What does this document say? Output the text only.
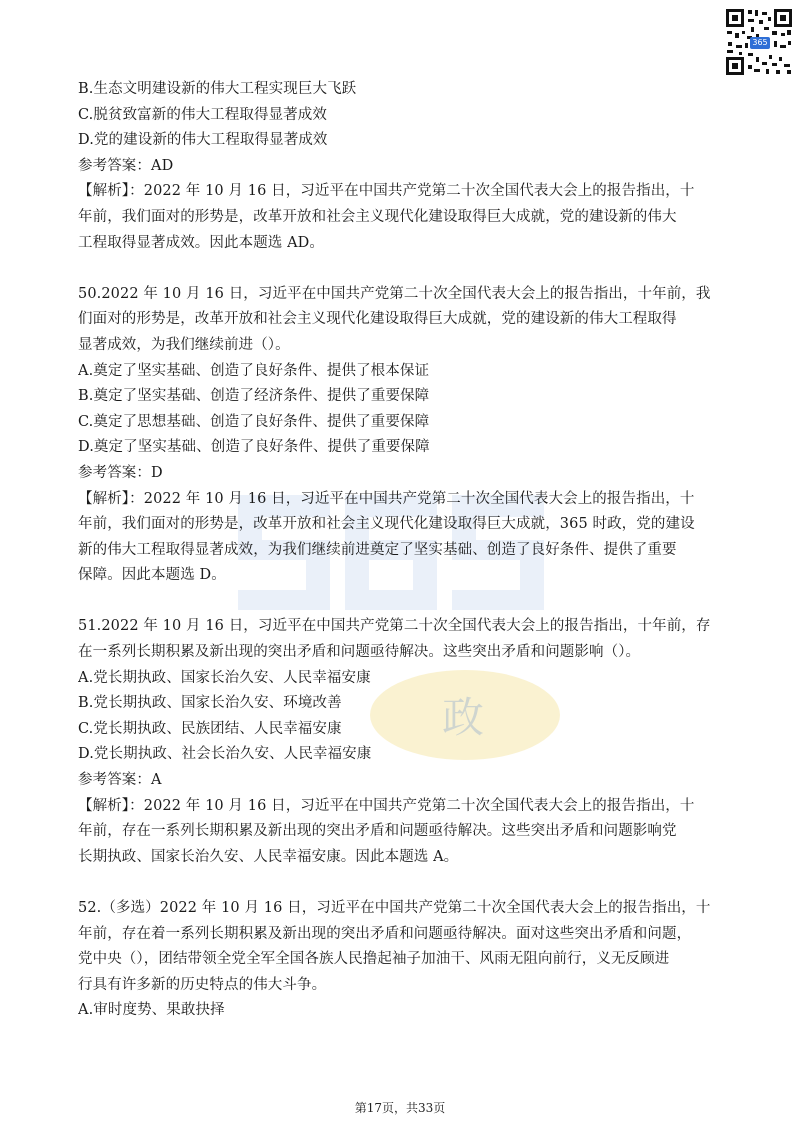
政
365
B.生态文明建设新的伟大工程实现巨大飞跃
C.脱贫致富新的伟大工程取得显著成效
D.党的建设新的伟大工程取得显著成效
参考答案：AD
【解析】：2022 年 10 月 16 日，习近平在中国共产党第二十次全国代表大会上的报告指出，十
年前，我们面对的形势是，改革开放和社会主义现代化建设取得巨大成就，党的建设新的伟大
工程取得显著成效。因此本题选 AD。
50.2022 年 10 月 16 日，习近平在中国共产党第二十次全国代表大会上的报告指出，十年前，我
们面对的形势是，改革开放和社会主义现代化建设取得巨大成就，党的建设新的伟大工程取得
显著成效，为我们继续前进（）。
A.奠定了坚实基础、创造了良好条件、提供了根本保证
B.奠定了坚实基础、创造了经济条件、提供了重要保障
C.奠定了思想基础、创造了良好条件、提供了重要保障
D.奠定了坚实基础、创造了良好条件、提供了重要保障
参考答案：D
【解析】：2022 年 10 月 16 日，习近平在中国共产党第二十次全国代表大会上的报告指出，十
年前，我们面对的形势是，改革开放和社会主义现代化建设取得巨大成就，365 时政，党的建设
新的伟大工程取得显著成效，为我们继续前进奠定了坚实基础、创造了良好条件、提供了重要
保障。因此本题选 D。
51.2022 年 10 月 16 日，习近平在中国共产党第二十次全国代表大会上的报告指出，十年前，存
在一系列长期积累及新出现的突出矛盾和问题亟待解决。这些突出矛盾和问题影响（）。
A.党长期执政、国家长治久安、人民幸福安康
B.党长期执政、国家长治久安、环境改善
C.党长期执政、民族团结、人民幸福安康
D.党长期执政、社会长治久安、人民幸福安康
参考答案：A
【解析】：2022 年 10 月 16 日，习近平在中国共产党第二十次全国代表大会上的报告指出，十
年前，存在一系列长期积累及新出现的突出矛盾和问题亟待解决。这些突出矛盾和问题影响党
长期执政、国家长治久安、人民幸福安康。因此本题选 A。
52.（多选）2022 年 10 月 16 日，习近平在中国共产党第二十次全国代表大会上的报告指出，十
年前，存在着一系列长期积累及新出现的突出矛盾和问题亟待解决。面对这些突出矛盾和问题，
党中央（），团结带领全党全军全国各族人民撸起袖子加油干、风雨无阻向前行，义无反顾进
行具有许多新的历史特点的伟大斗争。
A.审时度势、果敢抉择
第17页，共33页
